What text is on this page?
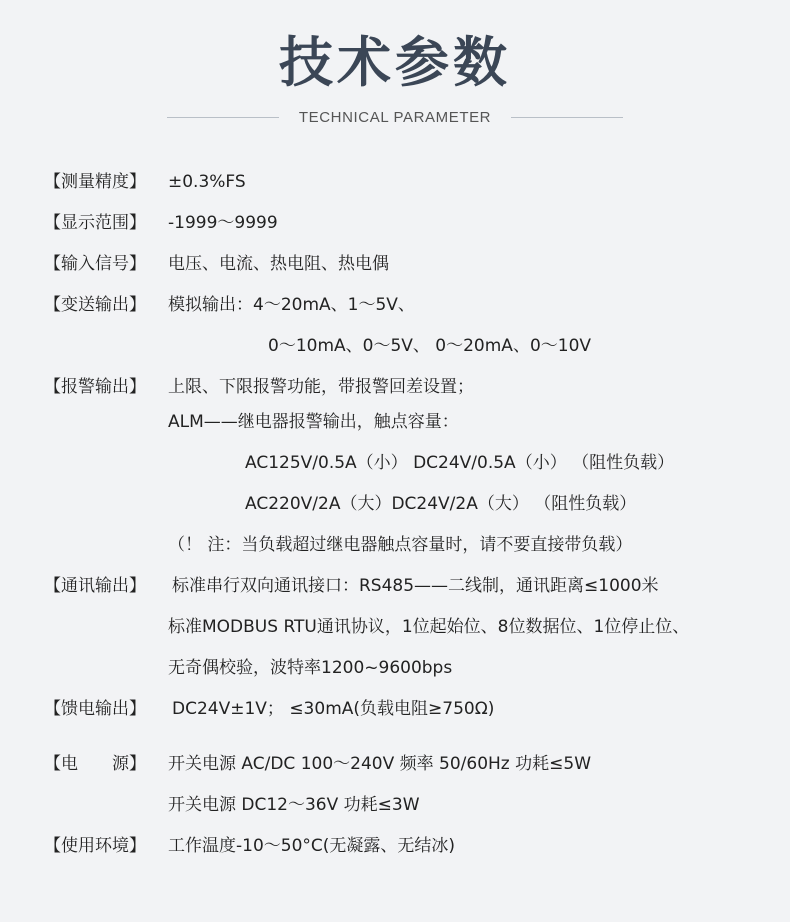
技术参数
TECHNICAL PARAMETER
【测量精度】 ±0.3%FS
【显示范围】 -1999～9999
【输入信号】 电压、电流、热电阻、热电偶
【变送输出】 模拟输出：4～20mA、1～5V、
0～10mA、0～5V、 0～20mA、0～10V
【报警输出】 上限、下限报警功能，带报警回差设置；
ALM——继电器报警输出，触点容量：
AC125V/0.5A（小） DC24V/0.5A（小） （阻性负载）
AC220V/2A（大）DC24V/2A（大） （阻性负载）
（！ 注：当负载超过继电器触点容量时，请不要直接带负载）
【通讯输出】 标准串行双向通讯接口：RS485——二线制，通讯距离≤1000米
标准MODBUS RTU通讯协议，1位起始位、8位数据位、1位停止位、
无奇偶校验，波特率1200~9600bps
【馈电输出】 DC24V±1V； ≤30mA(负载电阻≥750Ω)
【电　　源】 开关电源 AC/DC 100～240V 频率 50/60Hz 功耗≤5W
开关电源 DC12～36V 功耗≤3W
【使用环境】 工作温度-10～50°C(无凝露、无结冰)
